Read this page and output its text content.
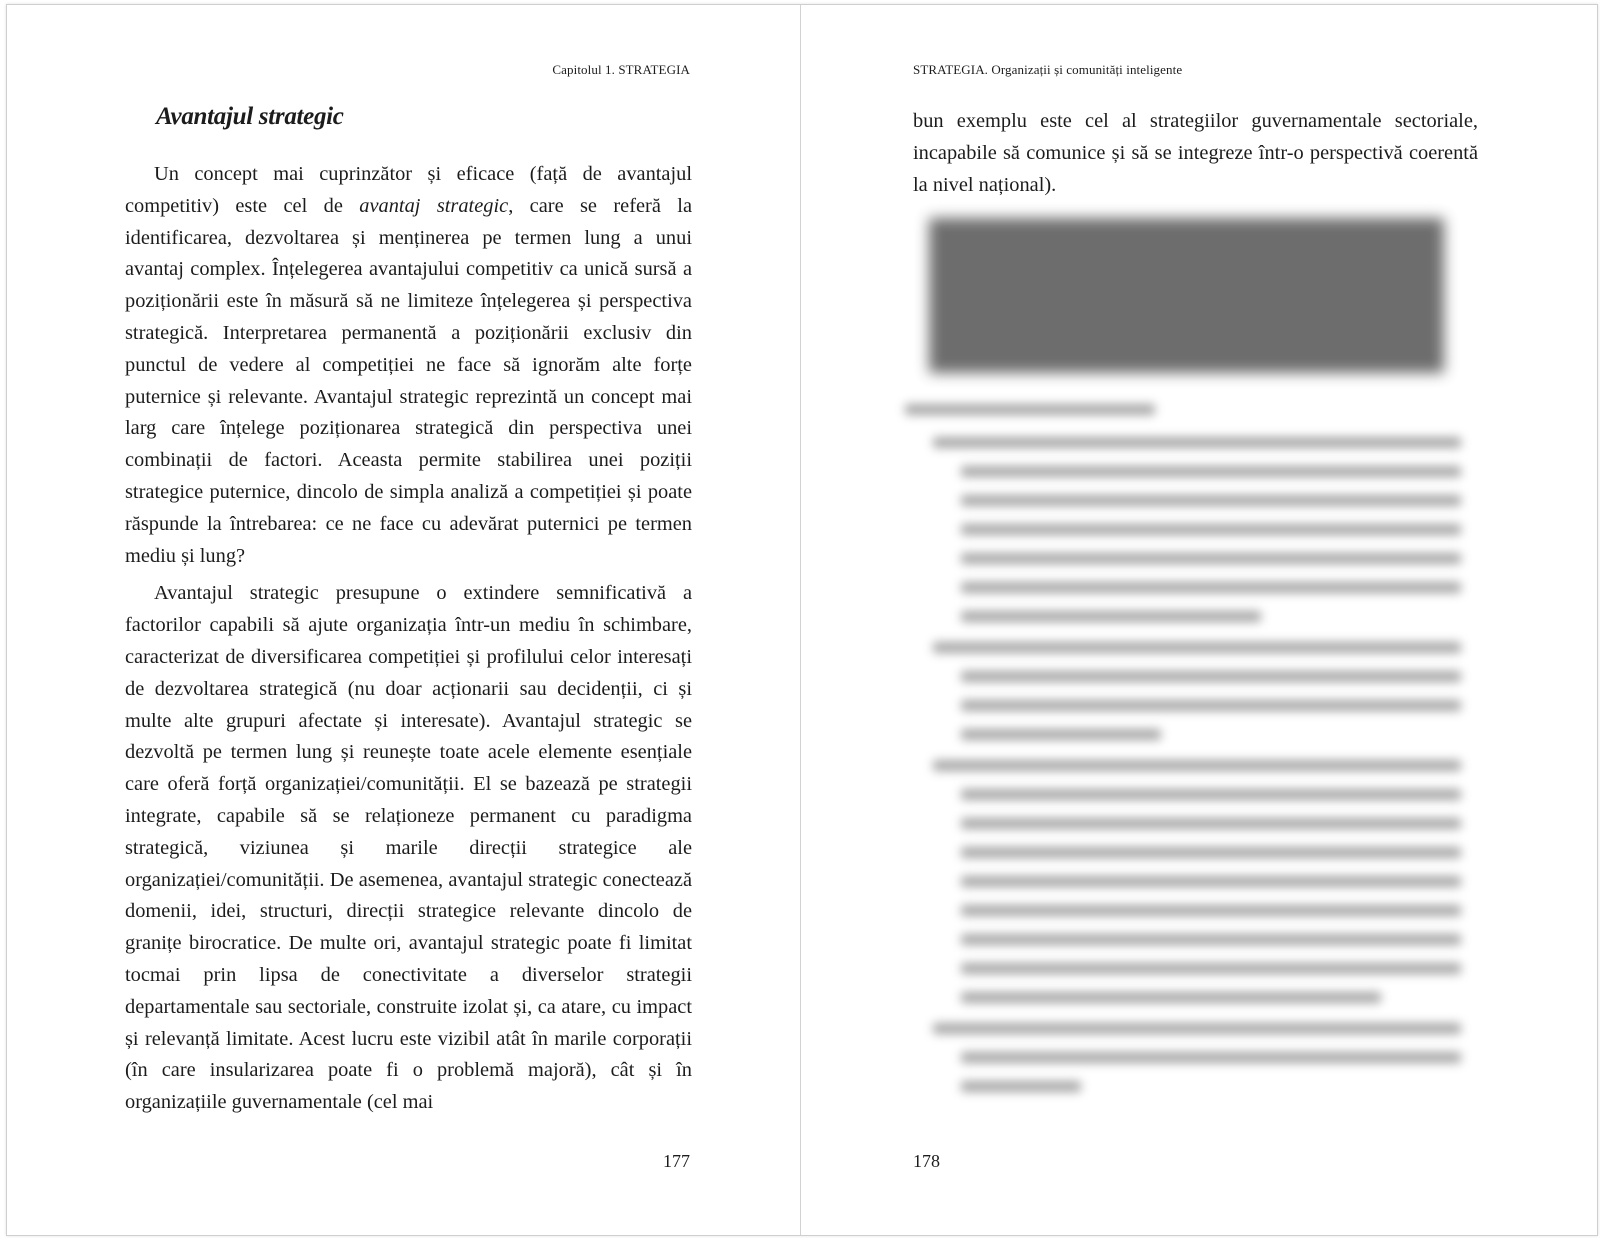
Capitolul 1. STRATEGIA
Avantajul strategic

Un concept mai cuprinzător și eficace (față de avantajul competitiv) este cel de avantaj strategic, care se referă la identificarea, dezvoltarea și menținerea pe termen lung a unui avantaj complex. Înțelegerea avantajului competitiv ca unică sursă a poziționării este în măsură să ne limiteze înțelegerea și perspectiva strategică. Interpretarea permanentă a poziționării exclusiv din punctul de vedere al competiției ne face să ignorăm alte forțe puternice și relevante. Avantajul strategic reprezintă un concept mai larg care înțelege poziționarea strategică din perspectiva unei combinații de factori. Aceasta permite stabilirea unei poziții strategice puternice, dincolo de simpla analiză a competiției și poate răspunde la întrebarea: ce ne face cu adevărat puternici pe termen mediu și lung?

Avantajul strategic presupune o extindere semnificativă a factorilor capabili să ajute organizația într-un mediu în schimbare, caracterizat de diversificarea competiției și profilului celor interesați de dezvoltarea strategică (nu doar acționarii sau decidenții, ci și multe alte grupuri afectate și interesate). Avantajul strategic se dezvoltă pe termen lung și reunește toate acele elemente esențiale care oferă forță organizației/comunității. El se bazează pe strategii integrate, capabile să se relaționeze permanent cu paradigma strategică, viziunea și marile direcții strategice ale organizației/comunității. De asemenea, avantajul strategic conectează domenii, idei, structuri, direcții strategice relevante dincolo de granițe birocratice. De multe ori, avantajul strategic poate fi limitat tocmai prin lipsa de conectivitate a diverselor strategii departamentale sau sectoriale, construite izolat și, ca atare, cu impact și relevanță limitate. Acest lucru este vizibil atât în marile corporații (în care insularizarea poate fi o problemă majoră), cât și în organizațiile guvernamentale (cel mai

177
STRATEGIA. Organizații și comunități inteligente

bun exemplu este cel al strategiilor guvernamentale sectoriale, incapabile să comunice și să se integreze într-o perspectivă coerentă la nivel național).

178
